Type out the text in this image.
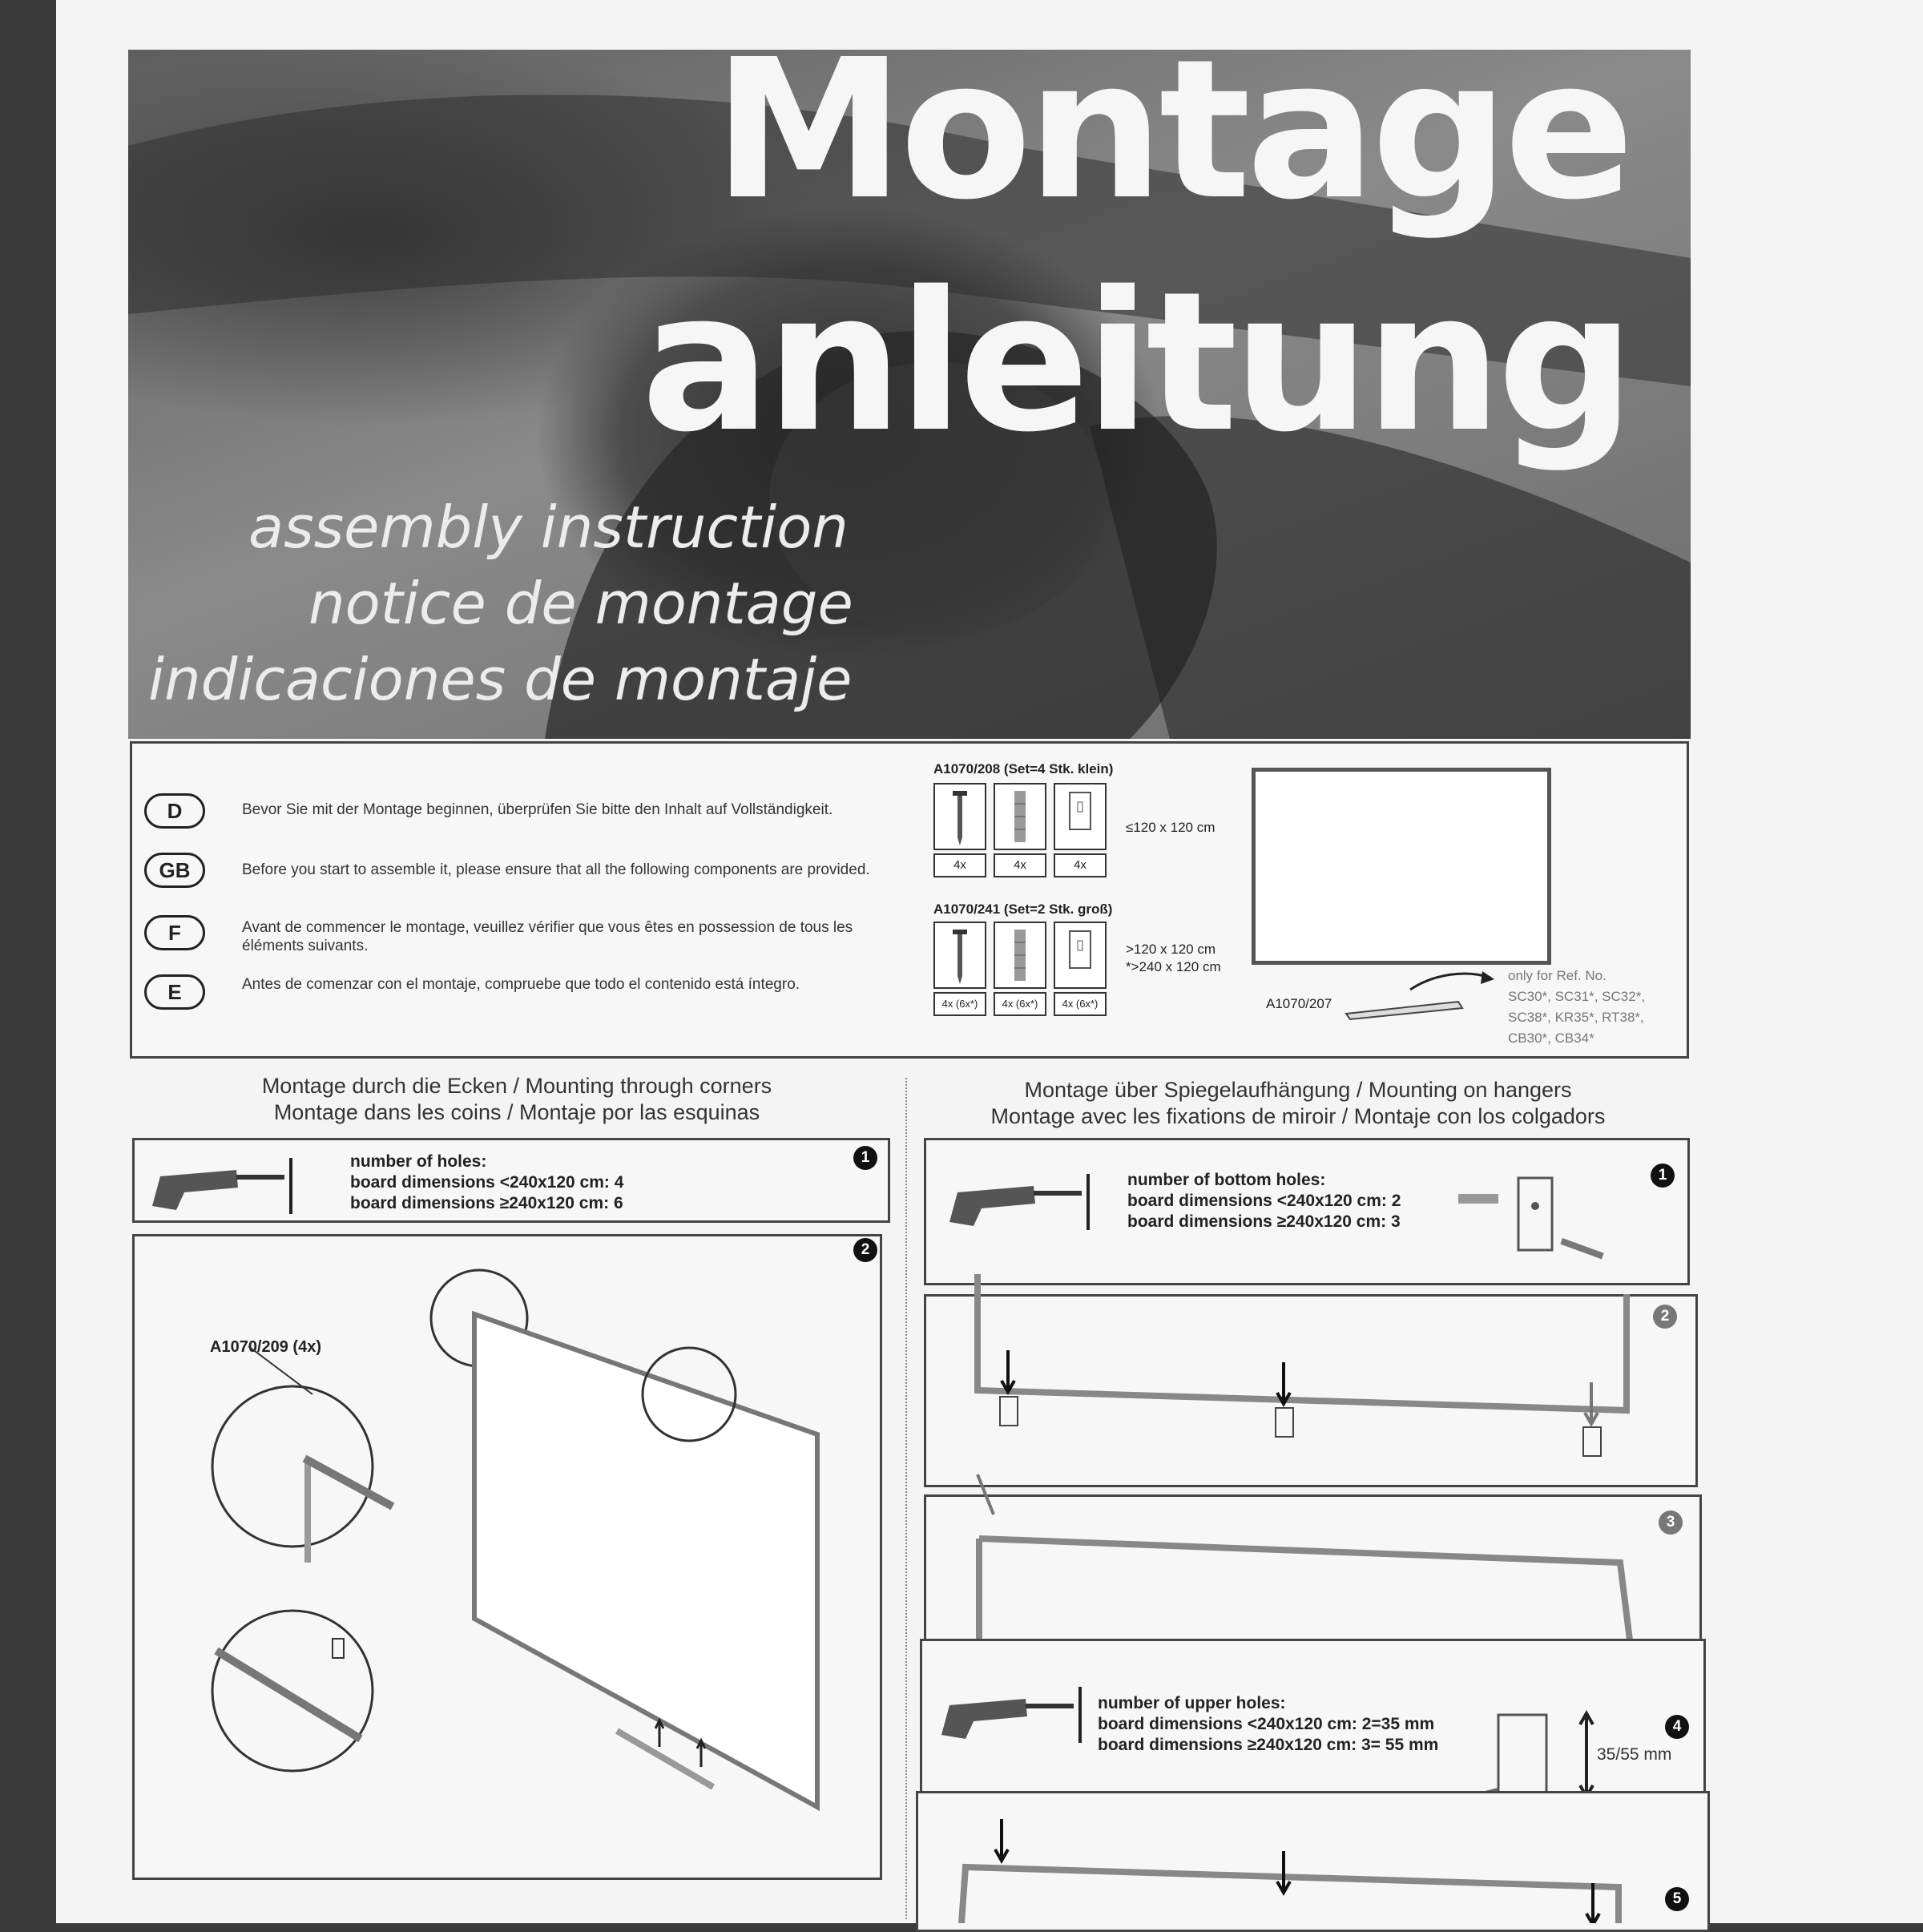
Montage
anleitung
assembly instruction
notice de montage
indicaciones de montaje
D	Bevor Sie mit der Montage beginnen, überprüfen Sie bitte den Inhalt auf Vollständigkeit.
GB	Before you start to assemble it, please ensure that all the following components are provided.
F	Avant de commencer le montage, veuillez vérifier que vous êtes en possession de tous les éléments suivants.
E	Antes de comenzar con el montaje, compruebe que todo el contenido está íntegro.
A1070/208 (Set=4 Stk. klein)
4x	4x	4x
≤120 x 120 cm
A1070/241 (Set=2 Stk. groß)
4x (6x*)	4x (6x*)	4x (6x*)
>120 x 120 cm
*>240 x 120 cm
A1070/207
only for Ref. No.
SC30*, SC31*, SC32*,
SC38*, KR35*, RT38*,
CB30*, CB34*
Montage durch die Ecken / Mounting through corners
Montage dans les coins / Montaje por las esquinas
number of holes:
board dimensions <240x120 cm: 4
board dimensions ≥240x120 cm: 6
1
2
A1070/209 (4x)
Montage über Spiegelaufhängung / Mounting on hangers
Montage avec les fixations de miroir / Montaje con los colgadors
number of bottom holes:
board dimensions <240x120 cm: 2
board dimensions ≥240x120 cm: 3
1
2
3
number of upper holes:
board dimensions <240x120 cm: 2=35 mm
board dimensions ≥240x120 cm: 3= 55 mm
35/55 mm
4
5
